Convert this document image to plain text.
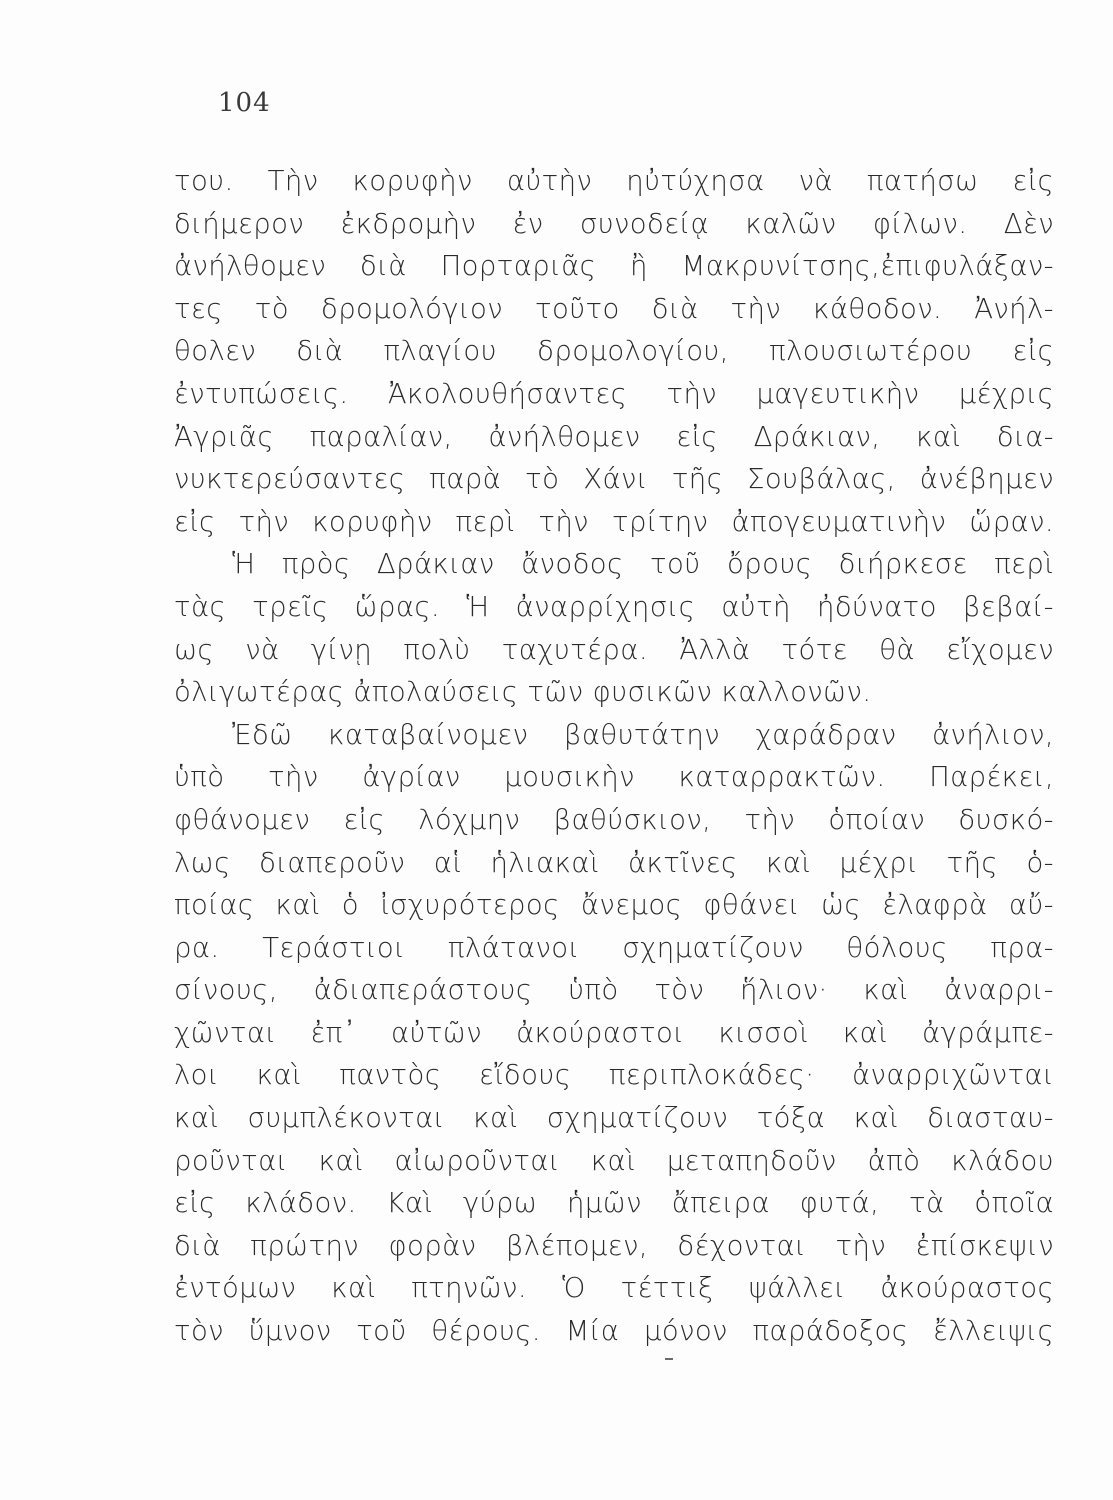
104
του. Τὴν κορυφὴν αὐτὴν ηὐτύχησα νὰ πατήσω εἰς
διήμερον ἐκδρομὴν ἐν συνοδείᾳ καλῶν φίλων. Δὲν
ἀνήλθομεν διὰ Πορταριᾶς ἢ Μακρυνίτσης,ἐπιφυλάξαν-
τες τὸ δρομολόγιον τοῦτο διὰ τὴν κάθοδον. Ἀνήλ-
θολεν διὰ πλαγίου δρομολογίου, πλουσιωτέρου εἰς
ἐντυπώσεις. Ἀκολουθήσαντες τὴν μαγευτικὴν μέχρις
Ἀγριᾶς παραλίαν, ἀνήλθομεν εἰς Δράκιαν, καὶ δια-
νυκτερεύσαντες παρὰ τὸ Χάνι τῆς Σουβάλας, ἀνέβημεν
εἰς τὴν κορυφὴν περὶ τὴν τρίτην ἀπογευματινὴν ὥραν.
Ἡ πρὸς Δράκιαν ἄνοδος τοῦ ὄρους διήρκεσε περὶ
τὰς τρεῖς ὥρας. Ἡ ἀναρρίχησις αὐτὴ ἠδύνατο βεβαί-
ως νὰ γίνῃ πολὺ ταχυτέρα. Ἀλλὰ τότε θὰ εἴχομεν
ὀλιγωτέρας ἀπολαύσεις τῶν φυσικῶν καλλονῶν.
Ἐδῶ καταβαίνομεν βαθυτάτην χαράδραν ἀνήλιον,
ὑπὸ τὴν ἀγρίαν μουσικὴν καταρρακτῶν. Παρέκει,
φθάνομεν εἰς λόχμην βαθύσκιον, τὴν ὁποίαν δυσκό-
λως διαπεροῦν αἱ ἡλιακαὶ ἀκτῖνες καὶ μέχρι τῆς ὁ-
ποίας καὶ ὁ ἰσχυρότερος ἄνεμος φθάνει ὡς ἐλαφρὰ αὔ-
ρα. Τεράστιοι πλάτανοι σχηματίζουν θόλους πρα-
σίνους, ἀδιαπεράστους ὑπὸ τὸν ἥλιον· καὶ ἀναρρι-
χῶνται ἐπ᾽ αὐτῶν ἀκούραστοι κισσοὶ καὶ ἀγράμπε-
λοι καὶ παντὸς εἴδους περιπλοκάδες· ἀναρριχῶνται
καὶ συμπλέκονται καὶ σχηματίζουν τόξα καὶ διασταυ-
ροῦνται καὶ αἰωροῦνται καὶ μεταπηδοῦν ἀπὸ κλάδου
εἰς κλάδον. Καὶ γύρω ἡμῶν ἄπειρα φυτά, τὰ ὁποῖα
διὰ πρώτην φορὰν βλέπομεν, δέχονται τὴν ἐπίσκεψιν
ἐντόμων καὶ πτηνῶν. Ὁ τέττιξ ψάλλει ἀκούραστος
τὸν ὕμνον τοῦ θέρους. Μία μόνον παράδοξος ἔλλειψις
